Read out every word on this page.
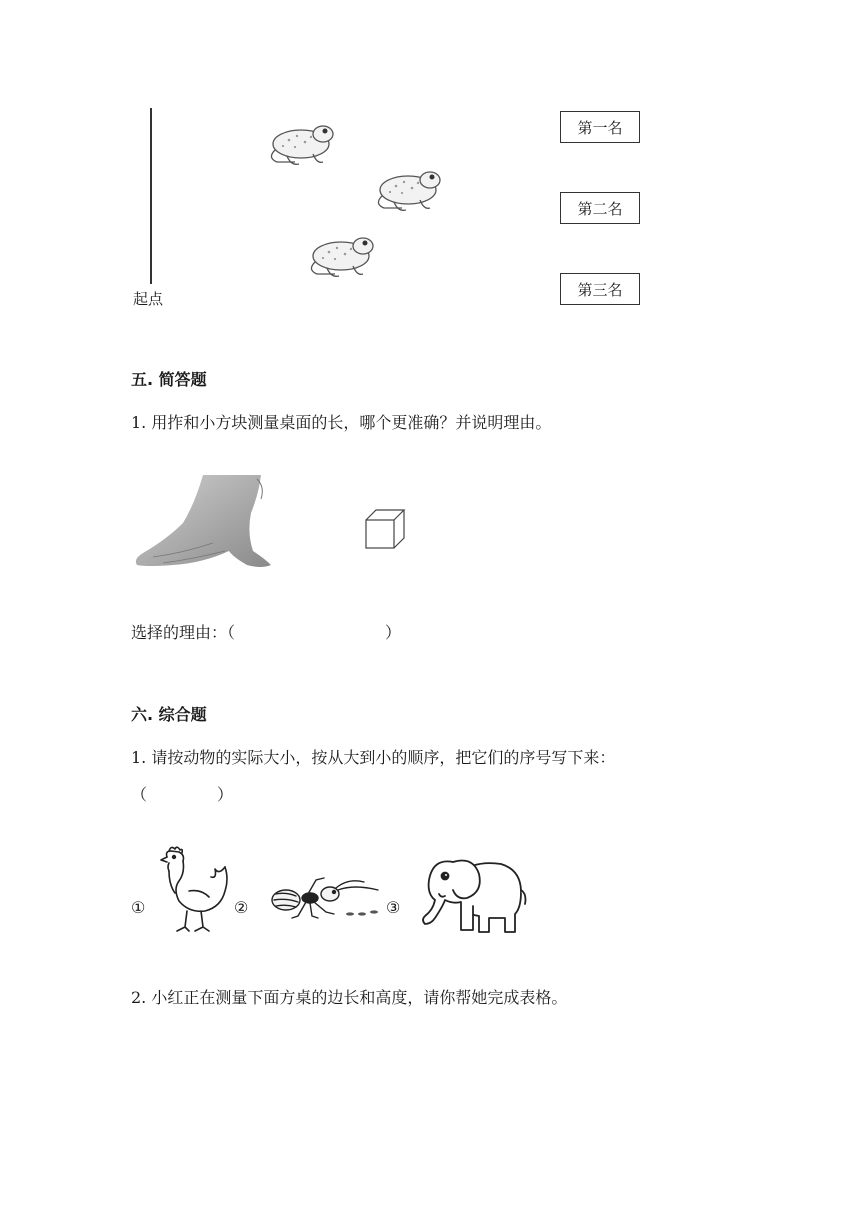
起点
第一名
第二名
第三名
五. 简答题
1. 用拃和小方块测量桌面的长，哪个更准确？并说明理由。
选择的理由：（	）
六. 综合题
1. 请按动物的实际大小，按从大到小的顺序，把它们的序号写下来：
（	）
①	②	③
2. 小红正在测量下面方桌的边长和高度，请你帮她完成表格。
